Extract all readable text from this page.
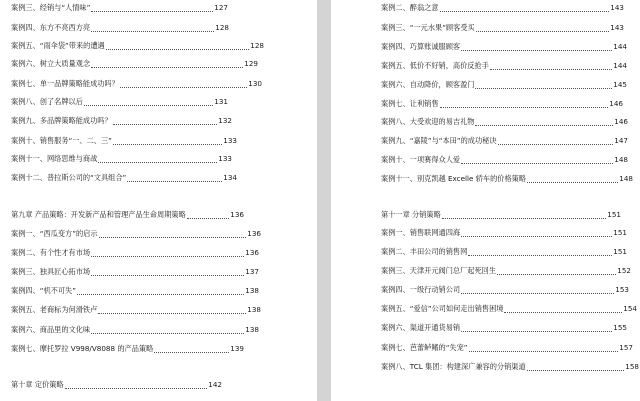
案例三、经销与“人情味”	127
案例四、东方不亮西方亮	128
案例五、“雨伞袋”带来的遭遇	128
案例六、树立大质量观念	129
案例七、单一品牌策略能成功吗？	130
案例八、创了名牌以后	131
案例九、多品牌策略能成功吗？	132
案例十、销售服务“一、二、三”	133
案例十一、网络思维与商战	133
案例十二、普拉斯公司的“文具组合”	134
第九章 产品策略：开发新产品和管理产品生命周期策略	136
案例一、“西瓜变方”的启示	136
案例二、有个性才有市场	136
案例三、独具匠心拓市场	137
案例四、“机不可失”	138
案例五、老商标为何滑铁卢	138
案例六、商品里的文化味	138
案例七、摩托罗拉 V998/V8088 的产品策略	139
第十章 定价策略	142
案例二、醉翁之意	143
案例三、“一元水果”顾客受买	143
案例四、巧算账诚服顾客	144
案例五、低价不好销，高价反抢手	144
案例六、自动降价，顾客盈门	145
案例七、让利销售	146
案例八、大受欢迎的易吉礼物	146
案例九、“嘉陵”与“本田”的成功秘诀	147
案例十、一项赛得众人爱	148
案例十一、别克凯越 Excelle 轿车的价格策略	148
第十一章 分销策略	151
案例一、销售联网通四海	151
案例二、丰田公司的销售网	151
案例三、天津开元阀门总厂起死回生	152
案例四、一级行动销公司	153
案例五、“爱信”公司如何走出销售困境	154
案例六、渠道开通货易销	155
案例七、芭蕾鲈鳍的“失宠”	157
案例八、TCL 集团：构建深广兼容的分销渠道	158
